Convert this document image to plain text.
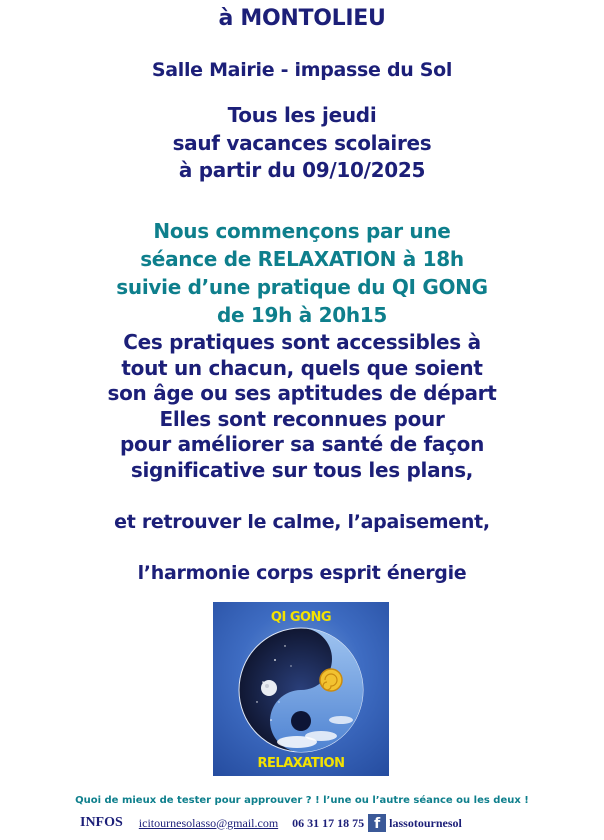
à MONTOLIEU
Salle Mairie - impasse du Sol
Tous les jeudi
sauf vacances scolaires
à partir du 09/10/2025
Nous commençons par une
séance de RELAXATION à 18h
suivie d’une pratique du QI GONG
de 19h à 20h15
Ces pratiques sont accessibles à
tout un chacun, quels que soient
son âge ou ses aptitudes de départ
Elles sont reconnues pour
pour améliorer sa santé de façon
significative sur tous les plans,
et retrouver le calme, l’apaisement,
l’harmonie corps esprit énergie
QI GONG
RELAXATION
Quoi de mieux de tester pour approuver ? ! l’une ou l’autre séance ou les deux !
INFOS icitournesolasso@gmail.com 06 31 17 18 75 f lassotournesol
